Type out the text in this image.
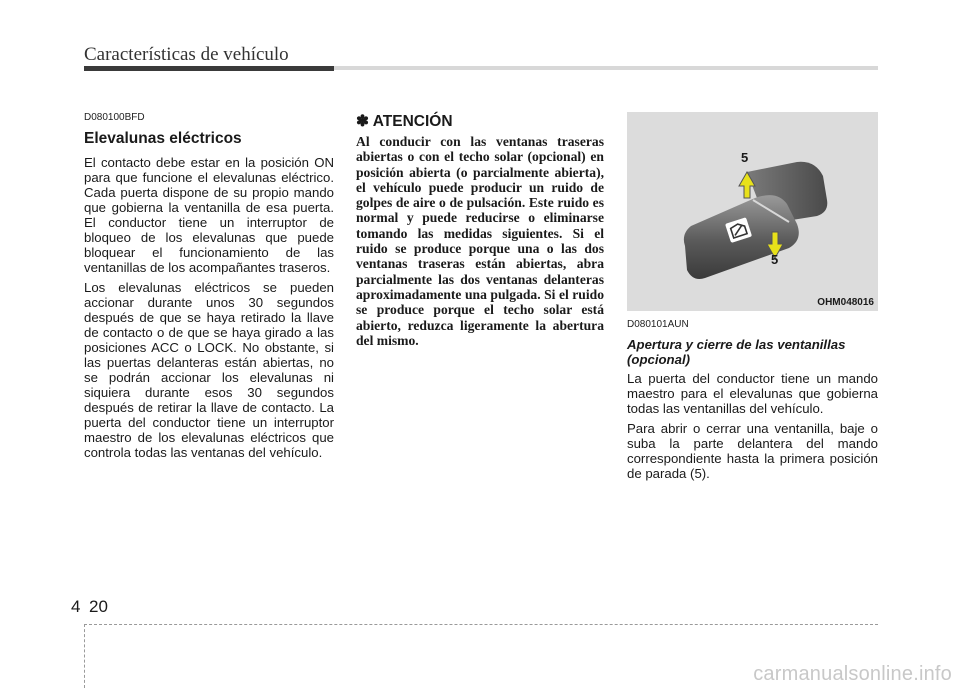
Características de vehículo
D080100BFD
Elevalunas eléctricos

El contacto debe estar en la posición ON para que funcione el elevalunas eléctrico. Cada puerta dispone de su propio mando que gobierna la ventanilla de esa puerta. El conductor tiene un interruptor de bloqueo de los elevalunas que puede bloquear el funcionamiento de las ventanillas de los acompañantes traseros.

Los elevalunas eléctricos se pueden accionar durante unos 30 segundos después de que se haya retirado la llave de contacto o de que se haya girado a las posiciones ACC o LOCK. No obstante, si las puertas delanteras están abiertas, no se podrán accionar los elevalunas ni siquiera durante esos 30 segundos después de retirar la llave de contacto. La puerta del conductor tiene un interruptor maestro de los elevalunas eléctricos que controla todas las ventanas del vehículo.

✽ ATENCIÓN

Al conducir con las ventanas traseras abiertas o con el techo solar (opcional) en posición abierta (o parcialmente abierta), el vehículo puede producir un ruido de golpes de aire o de pulsación. Este ruido es normal y puede reducirse o eliminarse tomando las medidas siguientes. Si el ruido se produce porque una o las dos ventanas traseras están abiertas, abra parcialmente las dos ventanas delanteras aproximadamente una pulgada. Si el ruido se produce porque el techo solar está abierto, reduzca ligeramente la abertura del mismo.

5
5
OHM048016
D080101AUN
Apertura y cierre de las ventanillas (opcional)

La puerta del conductor tiene un mando maestro para el elevalunas que gobierna todas las ventanillas del vehículo.

Para abrir o cerrar una ventanilla, baje o suba la parte delantera del mando correspondiente hasta la primera posición de parada (5).

4 20
carmanualsonline.info
